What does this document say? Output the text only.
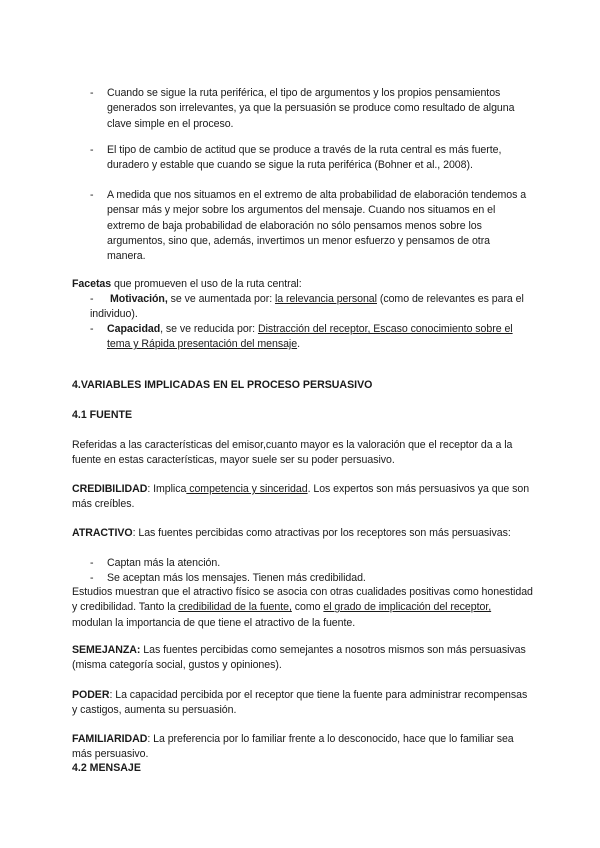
- Cuando se sigue la ruta periférica, el tipo de argumentos y los propios pensamientos generados son irrelevantes, ya que la persuasión se produce como resultado de alguna clave simple en el proceso.
- El tipo de cambio de actitud que se produce a través de la ruta central es más fuerte, duradero y estable que cuando se sigue la ruta periférica (Bohner et al., 2008).
- A medida que nos situamos en el extremo de alta probabilidad de elaboración tendemos a pensar más y mejor sobre los argumentos del mensaje. Cuando nos situamos en el extremo de baja probabilidad de elaboración no sólo pensamos menos sobre los argumentos, sino que, además, invertimos un menor esfuerzo y pensamos de otra manera.
Facetas que promueven el uso de la ruta central:
-	Motivación, se ve aumentada por: la relevancia personal (como de relevantes es para el individuo).
- Capacidad, se ve reducida por: Distracción del receptor, Escaso conocimiento sobre el tema y Rápida presentación del mensaje.
4.VARIABLES IMPLICADAS EN EL PROCESO PERSUASIVO
4.1 FUENTE
Referidas a las características del emisor,cuanto mayor es la valoración que el receptor da a la fuente en estas características, mayor suele ser su poder persuasivo.
CREDIBILIDAD: Implica competencia y sinceridad. Los expertos son más persuasivos ya que son más creíbles.
ATRACTIVO: Las fuentes percibidas como atractivas por los receptores son más persuasivas:
- Captan más la atención.
- Se aceptan más los mensajes. Tienen más credibilidad.
Estudios muestran que el atractivo físico se asocia con otras cualidades positivas como honestidad y credibilidad. Tanto la credibilidad de la fuente, como el grado de implicación del receptor, modulan la importancia de que tiene el atractivo de la fuente.
SEMEJANZA: Las fuentes percibidas como semejantes a nosotros mismos son más persuasivas (misma categoría social, gustos y opiniones).
PODER: La capacidad percibida por el receptor que tiene la fuente para administrar recompensas y castigos, aumenta su persuasión.
FAMILIARIDAD: La preferencia por lo familiar frente a lo desconocido, hace que lo familiar sea más persuasivo.
4.2 MENSAJE
